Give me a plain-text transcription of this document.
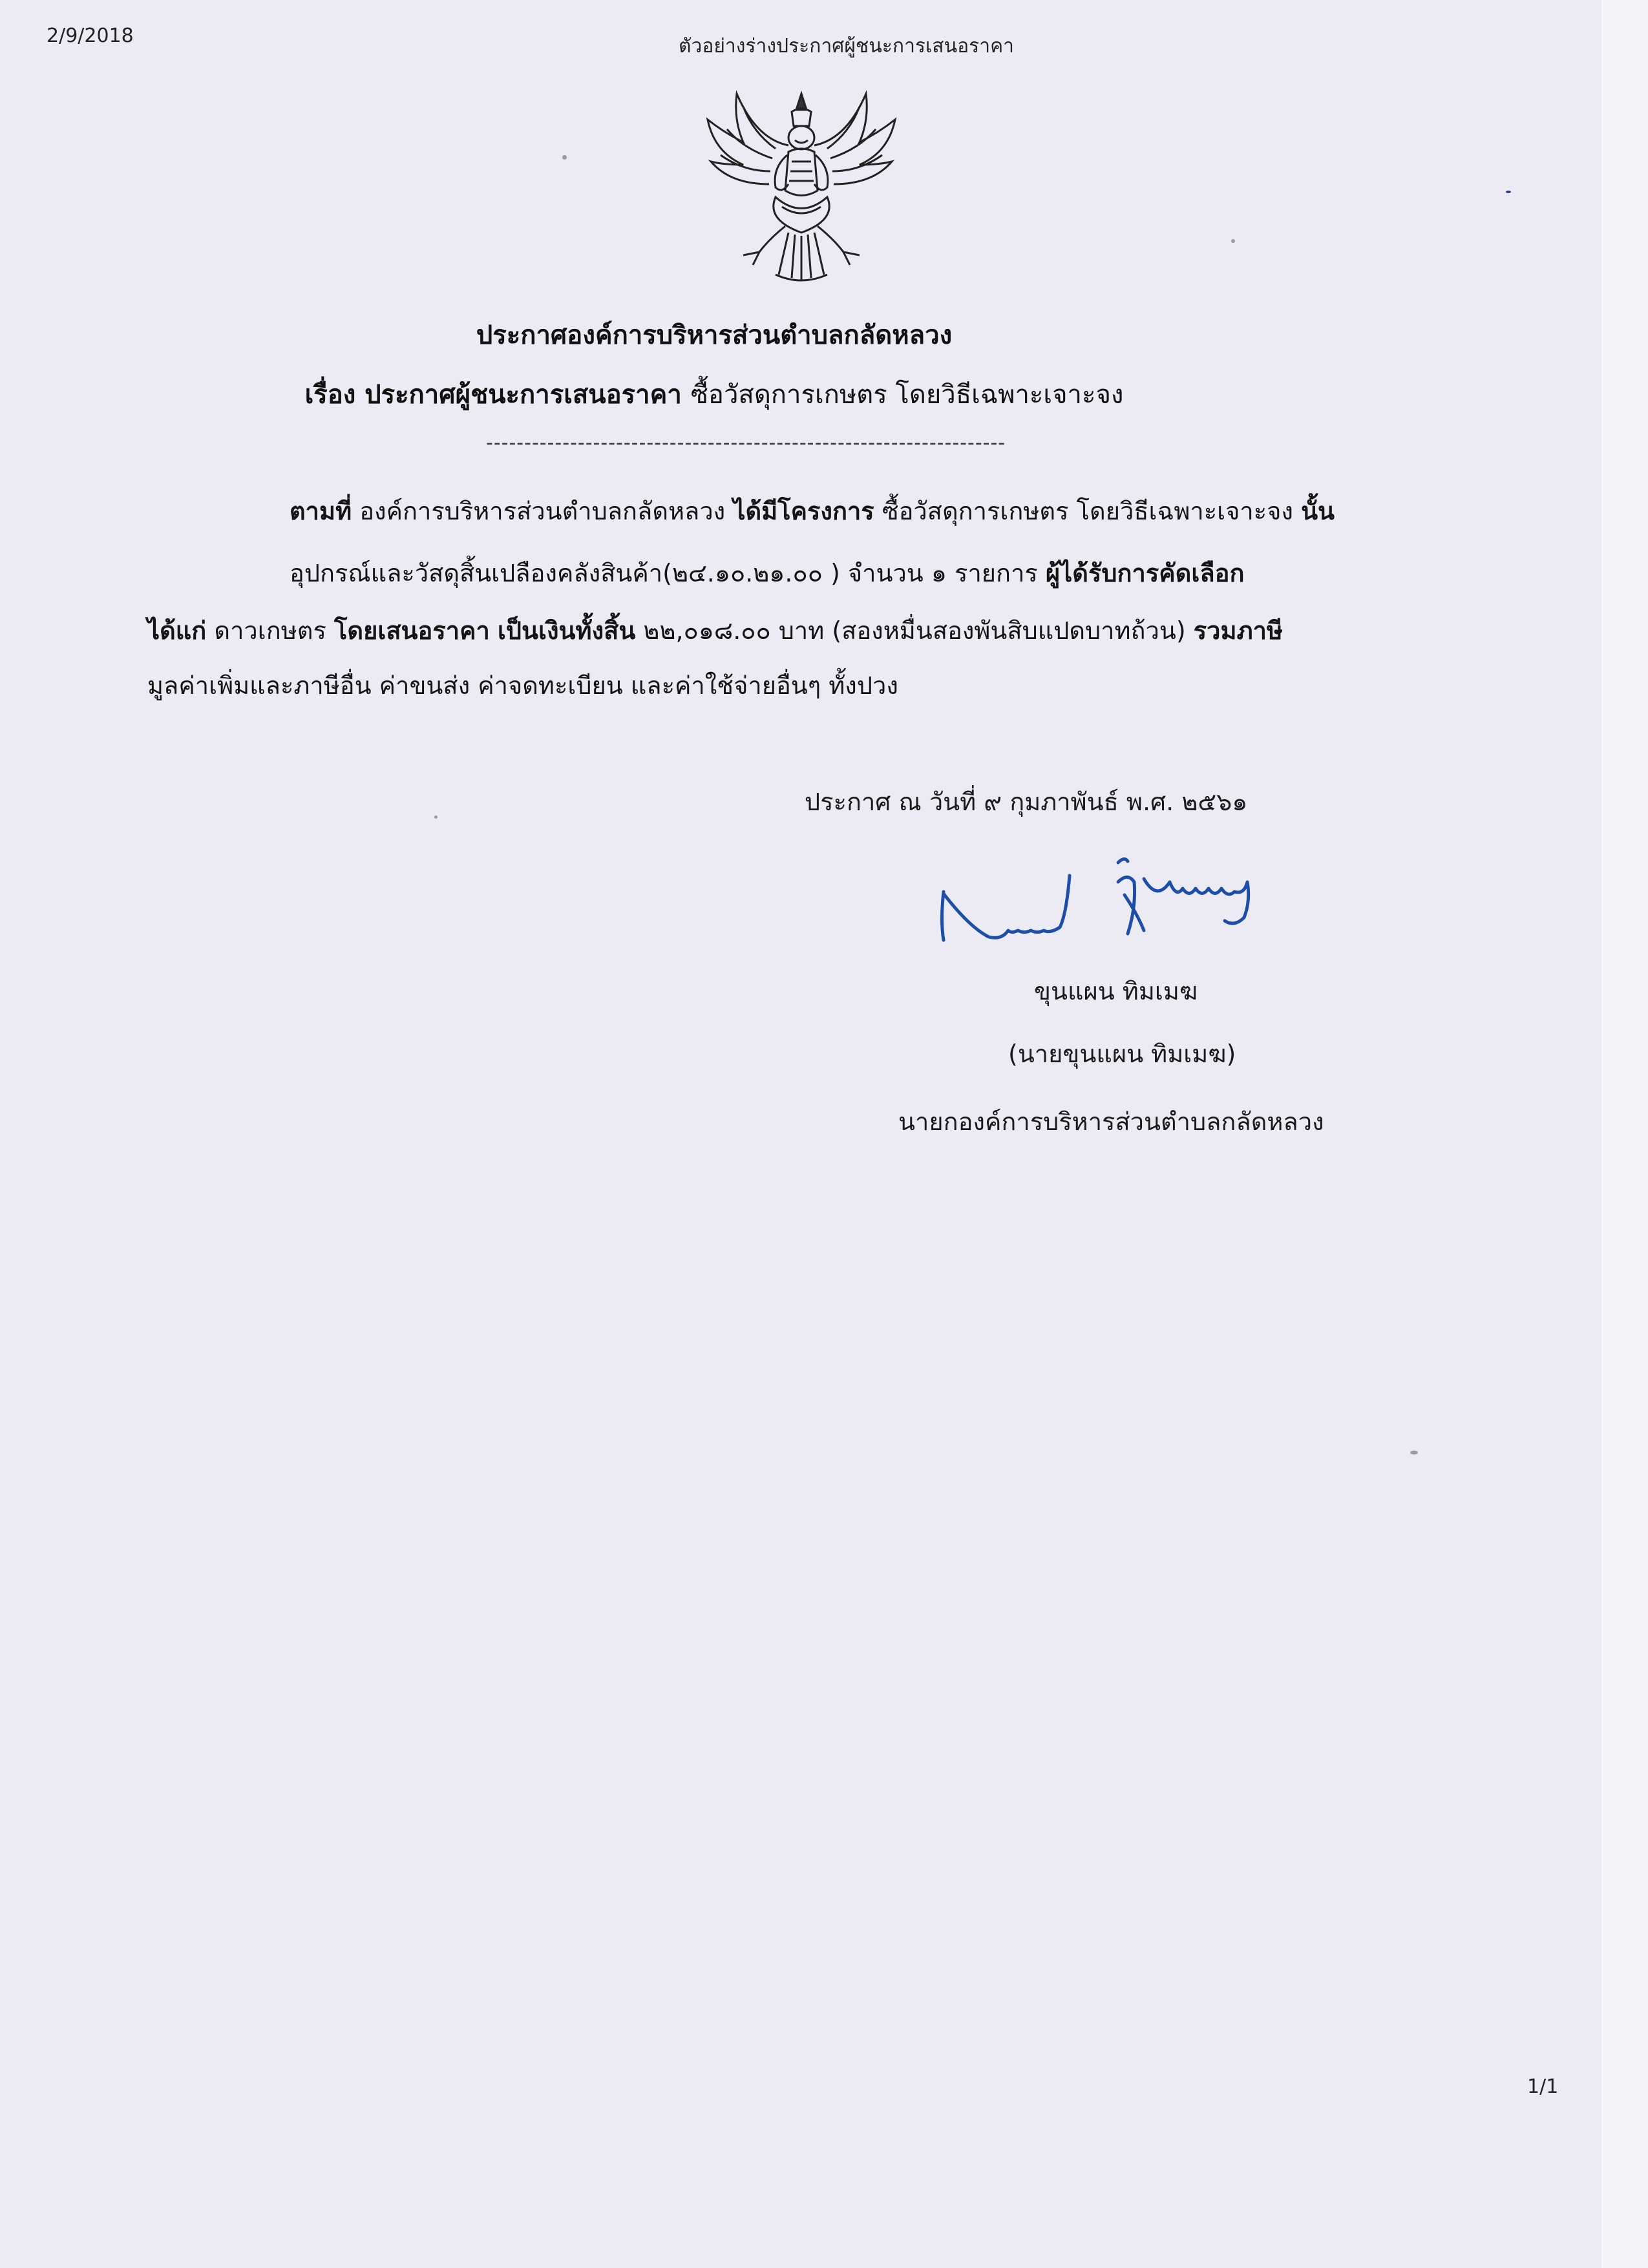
2/9/2018	ตัวอย่างร่างประกาศผู้ชนะการเสนอราคา
ประกาศองค์การบริหารส่วนตำบลกลัดหลวง
เรื่อง ประกาศผู้ชนะการเสนอราคา ซื้อวัสดุการเกษตร โดยวิธีเฉพาะเจาะจง
--------------------------------------------------------------------
ตามที่ องค์การบริหารส่วนตำบลกลัดหลวง ได้มีโครงการ ซื้อวัสดุการเกษตร โดยวิธีเฉพาะเจาะจง นั้น
อุปกรณ์และวัสดุสิ้นเปลืองคลังสินค้า(๒๔.๑๐.๒๑.๐๐ ) จำนวน ๑ รายการ ผู้ได้รับการคัดเลือก
ได้แก่ ดาวเกษตร โดยเสนอราคา เป็นเงินทั้งสิ้น ๒๒,๐๑๘.๐๐ บาท (สองหมื่นสองพันสิบแปดบาทถ้วน) รวมภาษี
มูลค่าเพิ่มและภาษีอื่น ค่าขนส่ง ค่าจดทะเบียน และค่าใช้จ่ายอื่นๆ ทั้งปวง
ประกาศ ณ วันที่ ๙ กุมภาพันธ์ พ.ศ. ๒๕๖๑
ขุนแผน ทิมเมฆ
(นายขุนแผน ทิมเมฆ)
นายกองค์การบริหารส่วนตำบลกลัดหลวง
1/1
